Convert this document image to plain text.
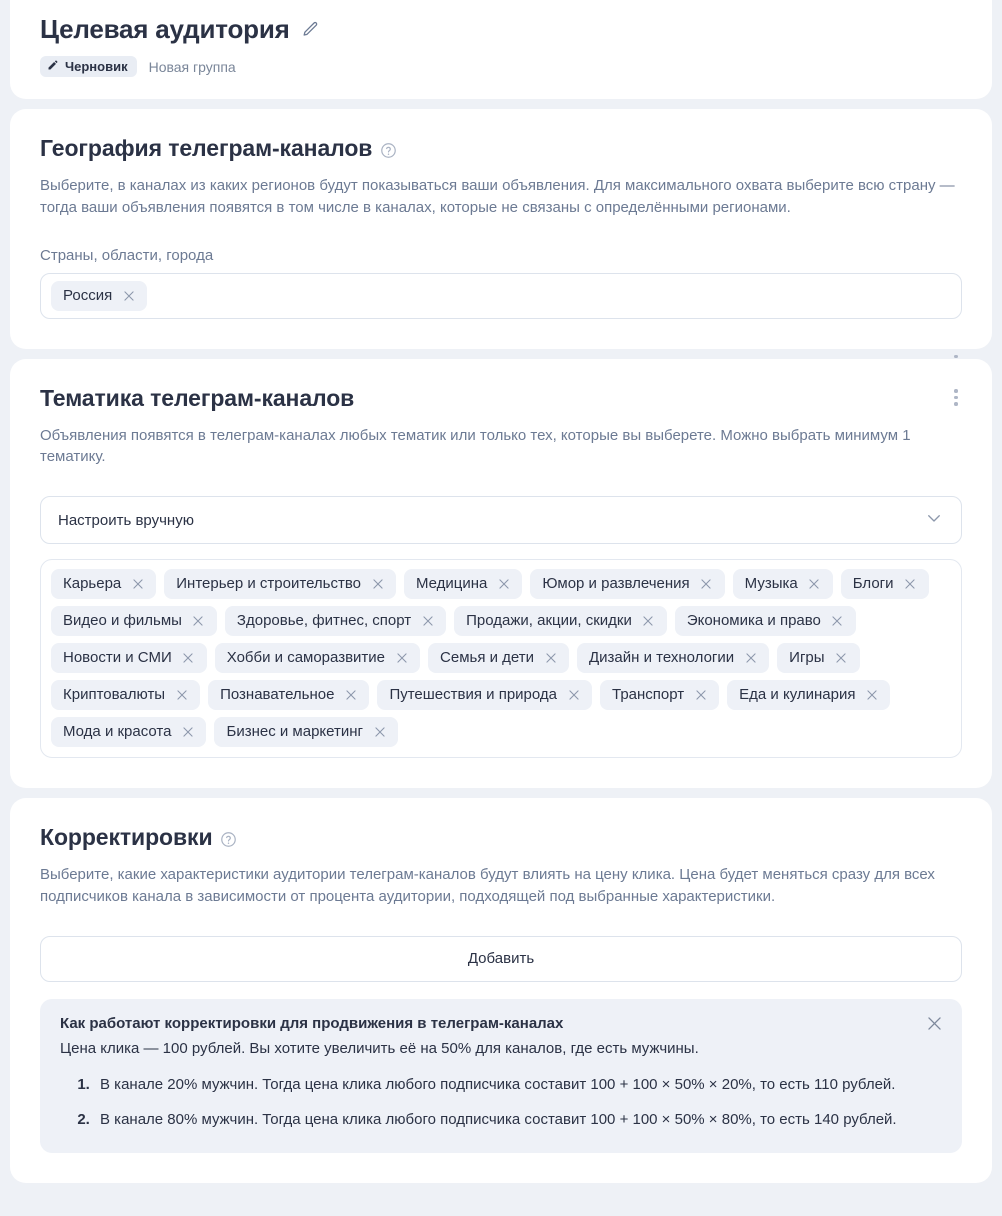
Целевая аудитория
Черновик Новая группа
География телеграм-каналов

Выберите, в каналах из каких регионов будут показываться ваши объявления. Для максимального охвата выберите всю страну — тогда ваши объявления появятся в том числе в каналах, которые не связаны с определёнными регионами.

Страны, области, города
Россия
Тематика телеграм-каналов

Объявления появятся в телеграм-каналах любых тематик или только тех, которые вы выберете. Можно выбрать минимум 1 тематику.

Настроить вручную
Карьера	Интерьер и строительство	Медицина	Юмор и развлечения	Музыка	Блоги
Видео и фильмы	Здоровье, фитнес, спорт	Продажи, акции, скидки	Экономика и право
Новости и СМИ	Хобби и саморазвитие	Семья и дети	Дизайн и технологии	Игры
Криптовалюты	Познавательное	Путешествия и природа	Транспорт	Еда и кулинария
Мода и красота	Бизнес и маркетинг
Корректировки

Выберите, какие характеристики аудитории телеграм-каналов будут влиять на цену клика. Цена будет меняться сразу для всех подписчиков канала в зависимости от процента аудитории, подходящей под выбранные характеристики.

Добавить

Как работают корректировки для продвижения в телеграм-каналах

Цена клика — 100 рублей. Вы хотите увеличить её на 50% для каналов, где есть мужчины.

1. В канале 20% мужчин. Тогда цена клика любого подписчика составит 100 + 100 × 50% × 20%, то есть 110 рублей.
2. В канале 80% мужчин. Тогда цена клика любого подписчика составит 100 + 100 × 50% × 80%, то есть 140 рублей.
